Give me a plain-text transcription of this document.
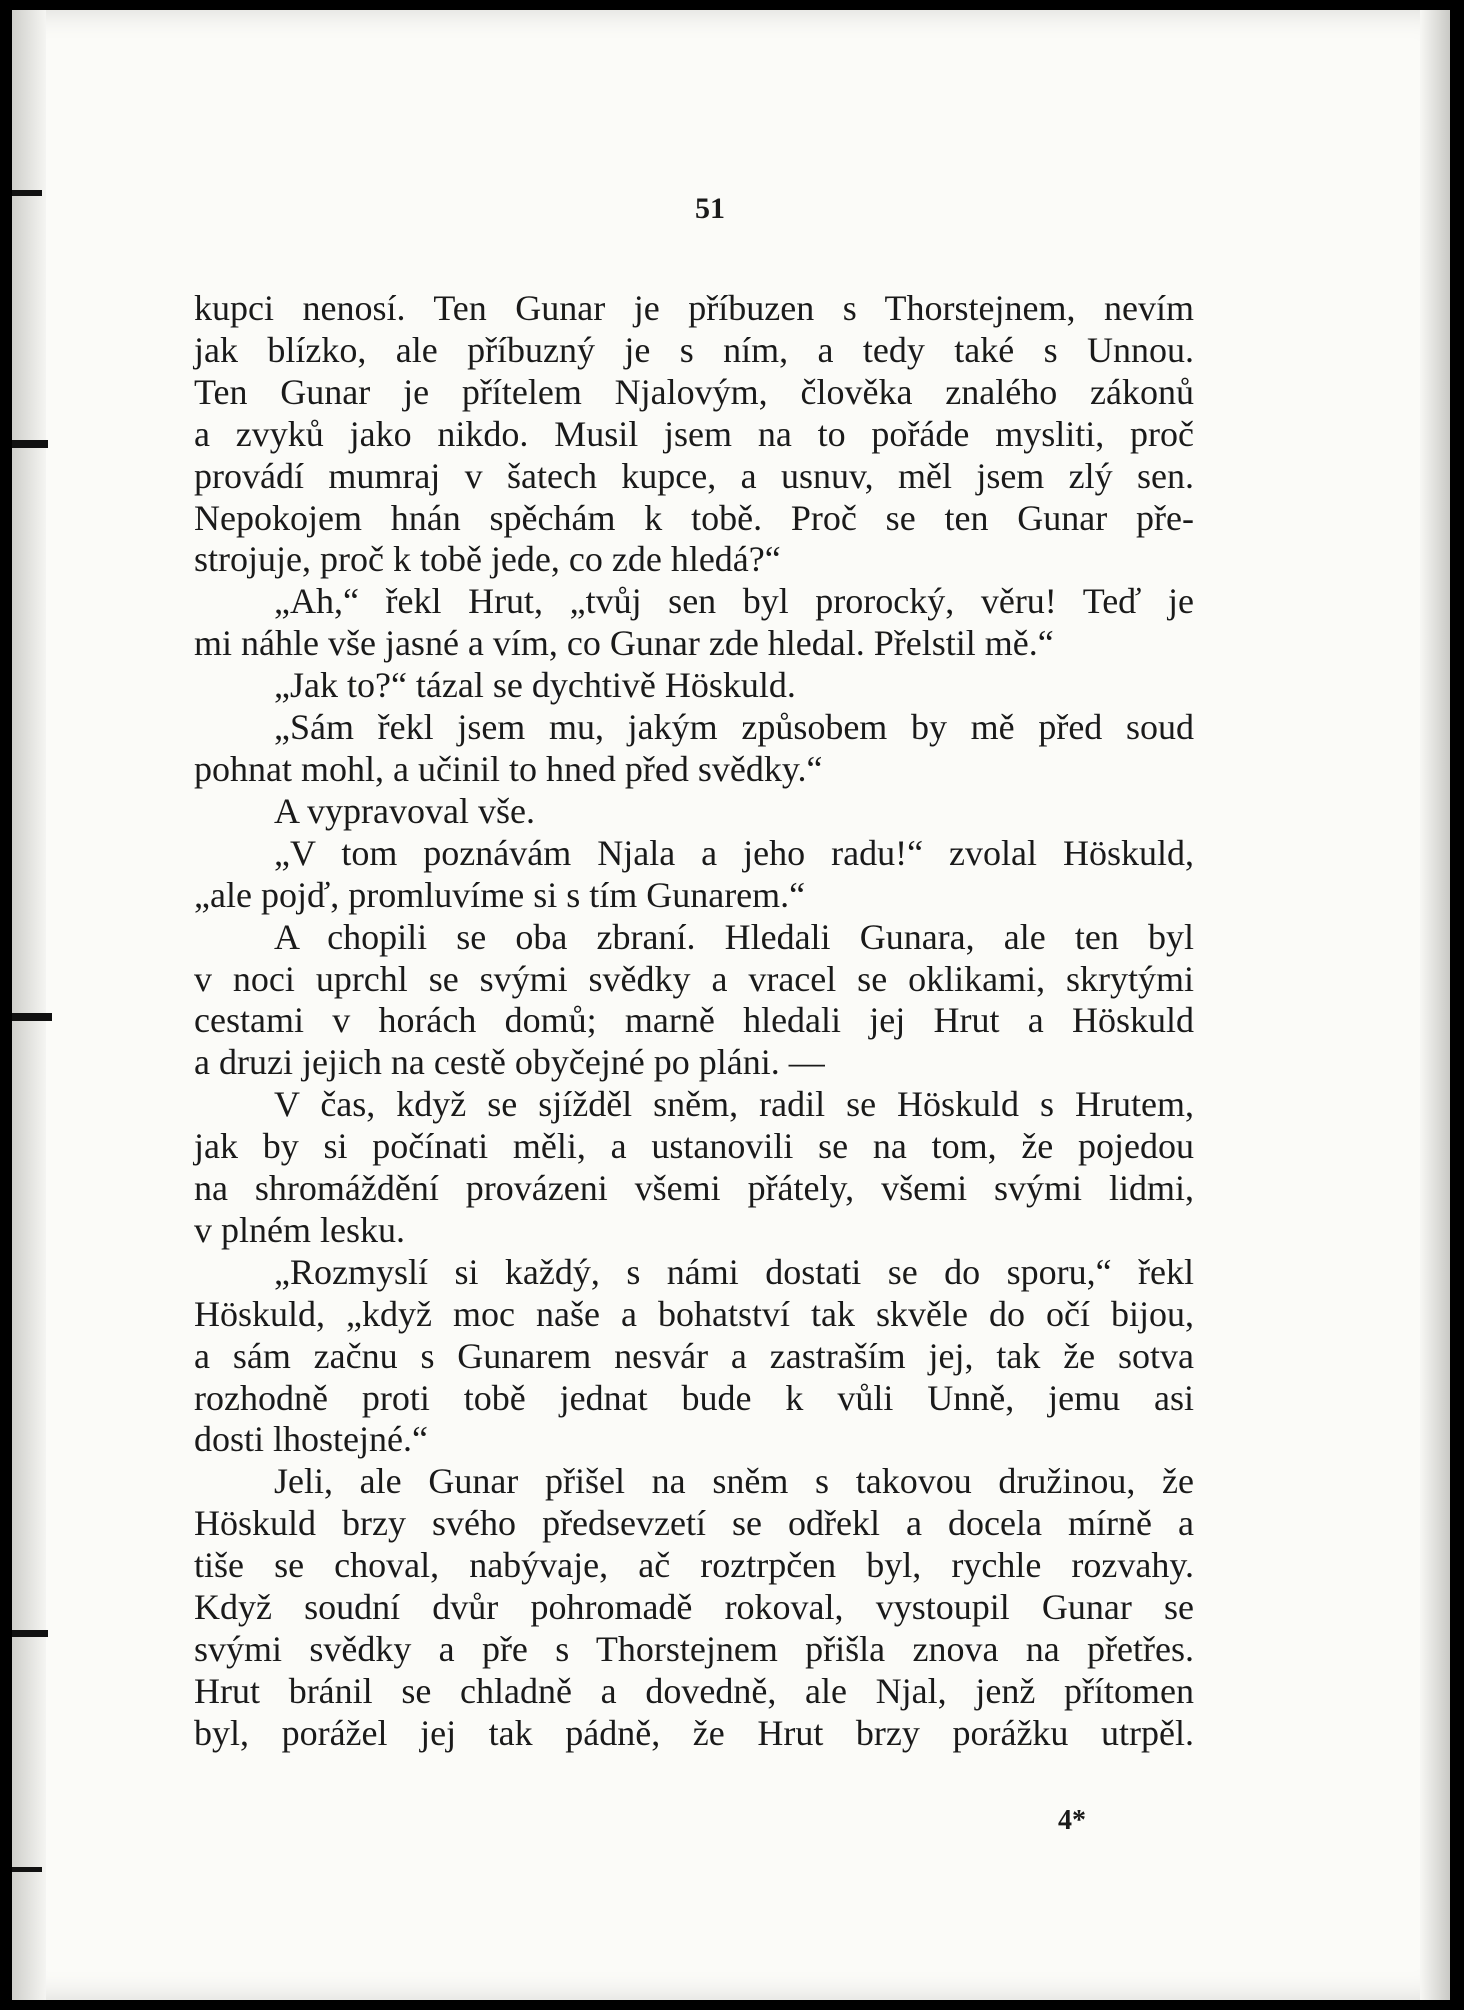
51
kupci nenosí. Ten Gunar je příbuzen s Thorstejnem, nevím
jak blízko, ale příbuzný je s ním, a tedy také s Unnou.
Ten Gunar je přítelem Njalovým, člověka znalého zákonů
a zvyků jako nikdo. Musil jsem na to pořáde mysliti, proč
provádí mumraj v šatech kupce, a usnuv, měl jsem zlý sen.
Nepokojem hnán spěchám k tobě. Proč se ten Gunar pře-
strojuje, proč k tobě jede, co zde hledá?“
„Ah,“ řekl Hrut, „tvůj sen byl prorocký, věru! Teď je
mi náhle vše jasné a vím, co Gunar zde hledal. Přelstil mě.“
„Jak to?“ tázal se dychtivě Höskuld.
„Sám řekl jsem mu, jakým způsobem by mě před soud
pohnat mohl, a učinil to hned před svědky.“
A vypravoval vše.
„V tom poznávám Njala a jeho radu!“ zvolal Höskuld,
„ale pojď, promluvíme si s tím Gunarem.“
A chopili se oba zbraní. Hledali Gunara, ale ten byl
v noci uprchl se svými svědky a vracel se oklikami, skrytými
cestami v horách domů; marně hledali jej Hrut a Höskuld
a druzi jejich na cestě obyčejné po pláni. —
V čas, když se sjížděl sněm, radil se Höskuld s Hrutem,
jak by si počínati měli, a ustanovili se na tom, že pojedou
na shromáždění provázeni všemi přátely, všemi svými lidmi,
v plném lesku.
„Rozmyslí si každý, s námi dostati se do sporu,“ řekl
Höskuld, „když moc naše a bohatství tak skvěle do očí bijou,
a sám začnu s Gunarem nesvár a zastraším jej, tak že sotva
rozhodně proti tobě jednat bude k vůli Unně, jemu asi
dosti lhostejné.“
Jeli, ale Gunar přišel na sněm s takovou družinou, že
Höskuld brzy svého předsevzetí se odřekl a docela mírně a
tiše se choval, nabývaje, ač roztrpčen byl, rychle rozvahy.
Když soudní dvůr pohromadě rokoval, vystoupil Gunar se
svými svědky a pře s Thorstejnem přišla znova na přetřes.
Hrut bránil se chladně a dovedně, ale Njal, jenž přítomen
byl, porážel jej tak pádně, že Hrut brzy porážku utrpěl.
4*
